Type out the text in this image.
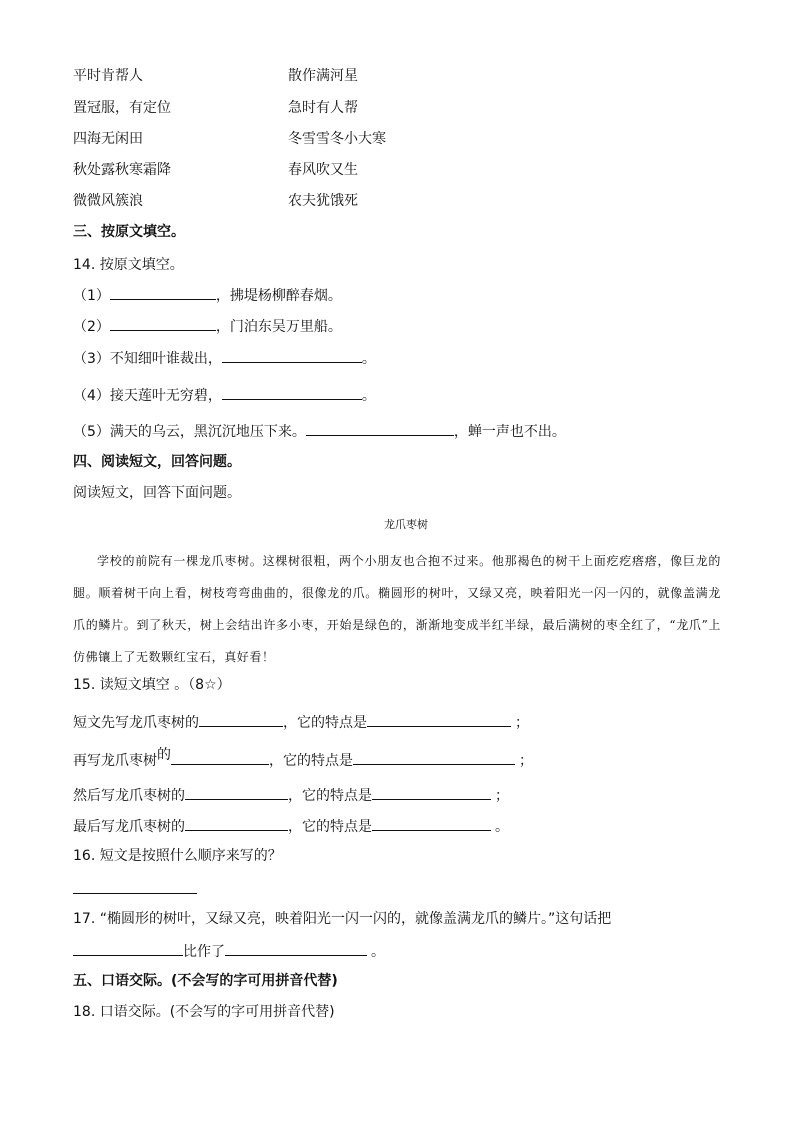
平时肯帮人	散作满河星
置冠服，有定位	急时有人帮
四海无闲田	冬雪雪冬小大寒
秋处露秋寒霜降	春风吹又生
微微风簇浪	农夫犹饿死
三、按原文填空。
14. 按原文填空。
（1）	，拂堤杨柳醉春烟。
（2）	，门泊东吴万里船。
（3）不知细叶谁裁出，	。
（4）接天莲叶无穷碧，	。
（5）满天的乌云，黑沉沉地压下来。	，蝉一声也不出。
四、阅读短文，回答问题。
阅读短文，回答下面问题。
龙爪枣树
学校的前院有一棵龙爪枣树。这棵树很粗，两个小朋友也合抱不过来。他那褐色的树干上面疙疙瘩瘩，像巨龙的腿。顺着树干向上看，树枝弯弯曲曲的，很像龙的爪。椭圆形的树叶，又绿又亮，映着阳光一闪一闪的，就像盖满龙爪的鳞片。到了秋天，树上会结出许多小枣，开始是绿色的，渐渐地变成半红半绿，最后满树的枣全红了，“龙爪”上仿佛镶上了无数颗红宝石，真好看！
15. 读短文填空 。（8☆）
短文先写龙爪枣树的	，它的特点是	；
再写龙爪枣树的	，它的特点是	；
然后写龙爪枣树的	，它的特点是	；
最后写龙爪枣树的	，它的特点是	。
16. 短文是按照什么顺序来写的？
17. “椭圆形的树叶，又绿又亮，映着阳光一闪一闪的，就像盖满龙爪的鳞片。”这句话把
比作了	。
五、口语交际。(不会写的字可用拼音代替)
18. 口语交际。(不会写的字可用拼音代替)
